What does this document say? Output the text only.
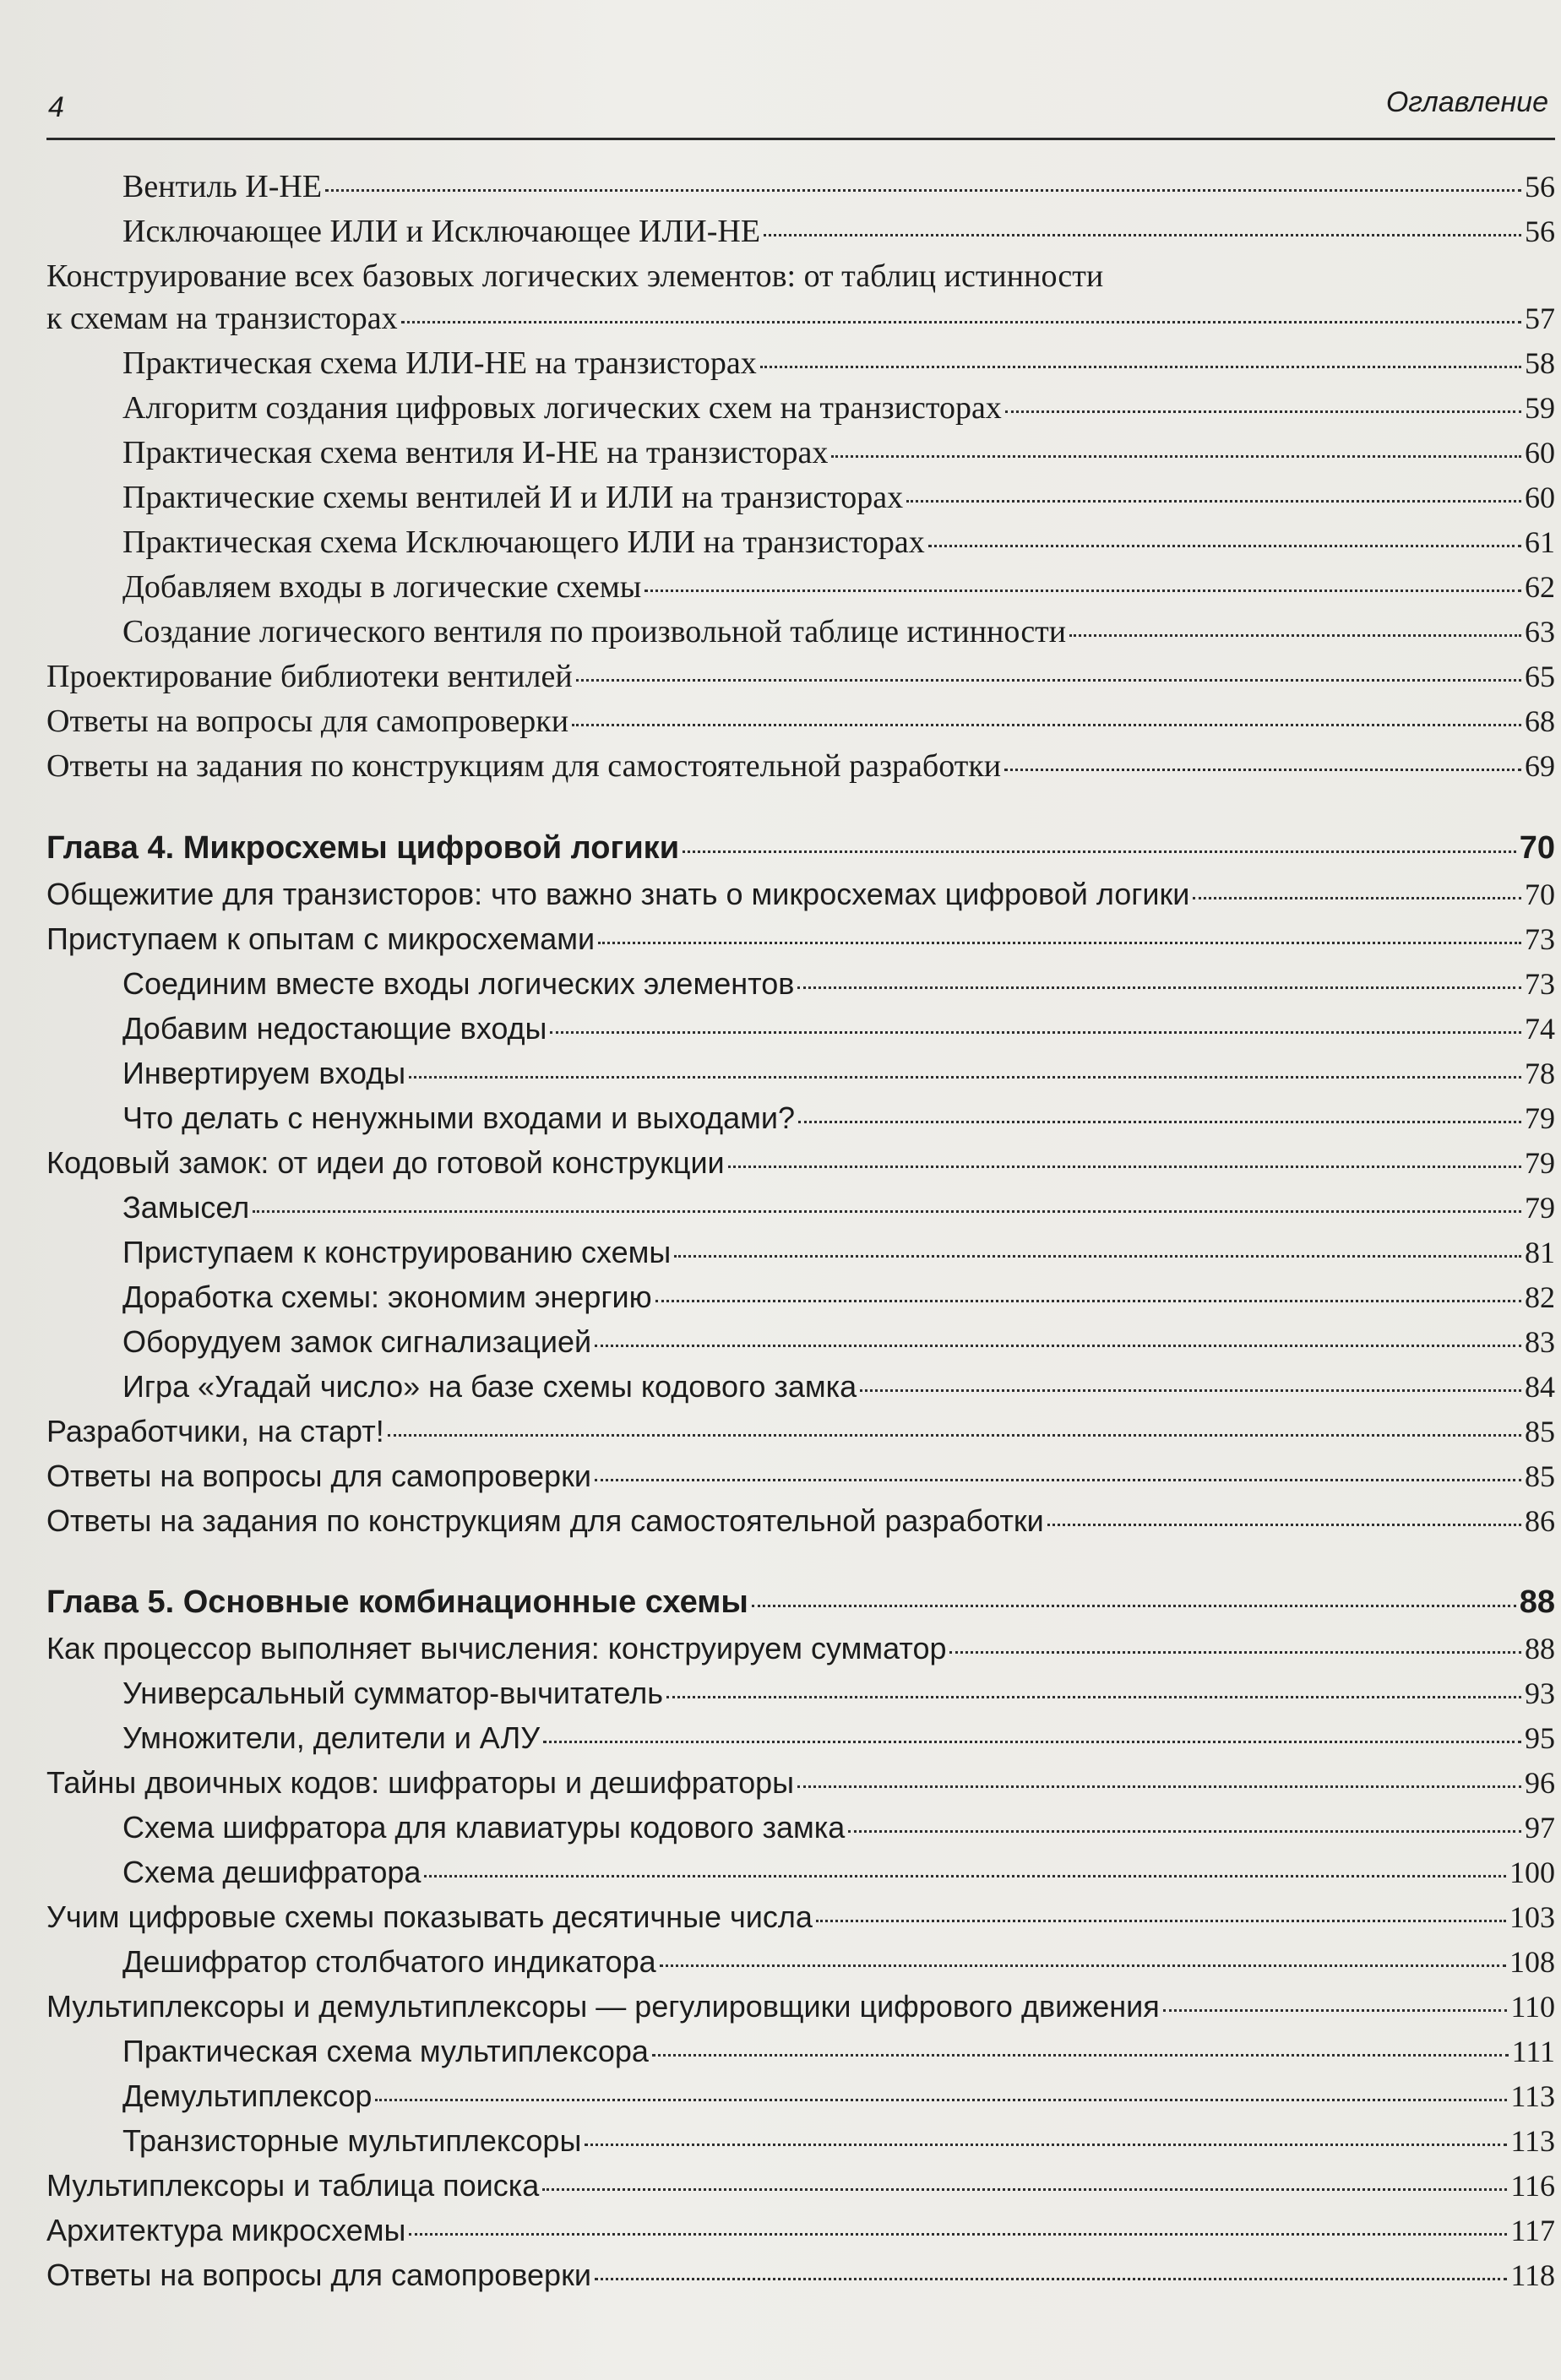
4	Оглавление
Вентиль И-НЕ	56
Исключающее ИЛИ и Исключающее ИЛИ-НЕ	56
Конструирование всех базовых логических элементов: от таблиц истинности
к схемам на транзисторах	57
Практическая схема ИЛИ-НЕ на транзисторах	58
Алгоритм создания цифровых логических схем на транзисторах	59
Практическая схема вентиля И-НЕ на транзисторах	60
Практические схемы вентилей И и ИЛИ на транзисторах	60
Практическая схема Исключающего ИЛИ на транзисторах	61
Добавляем входы в логические схемы	62
Создание логического вентиля по произвольной таблице истинности	63
Проектирование библиотеки вентилей	65
Ответы на вопросы для самопроверки	68
Ответы на задания по конструкциям для самостоятельной разработки	69
Глава 4. Микросхемы цифровой логики	70
Общежитие для транзисторов: что важно знать о микросхемах цифровой логики	70
Приступаем к опытам с микросхемами	73
Соединим вместе входы логических элементов	73
Добавим недостающие входы	74
Инвертируем входы	78
Что делать с ненужными входами и выходами?	79
Кодовый замок: от идеи до готовой конструкции	79
Замысел	79
Приступаем к конструированию схемы	81
Доработка схемы: экономим энергию	82
Оборудуем замок сигнализацией	83
Игра «Угадай число» на базе схемы кодового замка	84
Разработчики, на старт!	85
Ответы на вопросы для самопроверки	85
Ответы на задания по конструкциям для самостоятельной разработки	86
Глава 5. Основные комбинационные схемы	88
Как процессор выполняет вычисления: конструируем сумматор	88
Универсальный сумматор-вычитатель	93
Умножители, делители и АЛУ	95
Тайны двоичных кодов: шифраторы и дешифраторы	96
Схема шифратора для клавиатуры кодового замка	97
Схема дешифратора	100
Учим цифровые схемы показывать десятичные числа	103
Дешифратор столбчатого индикатора	108
Мультиплексоры и демультиплексоры — регулировщики цифрового движения	110
Практическая схема мультиплексора	111
Демультиплексор	113
Транзисторные мультиплексоры	113
Мультиплексоры и таблица поиска	116
Архитектура микросхемы	117
Ответы на вопросы для самопроверки	118
